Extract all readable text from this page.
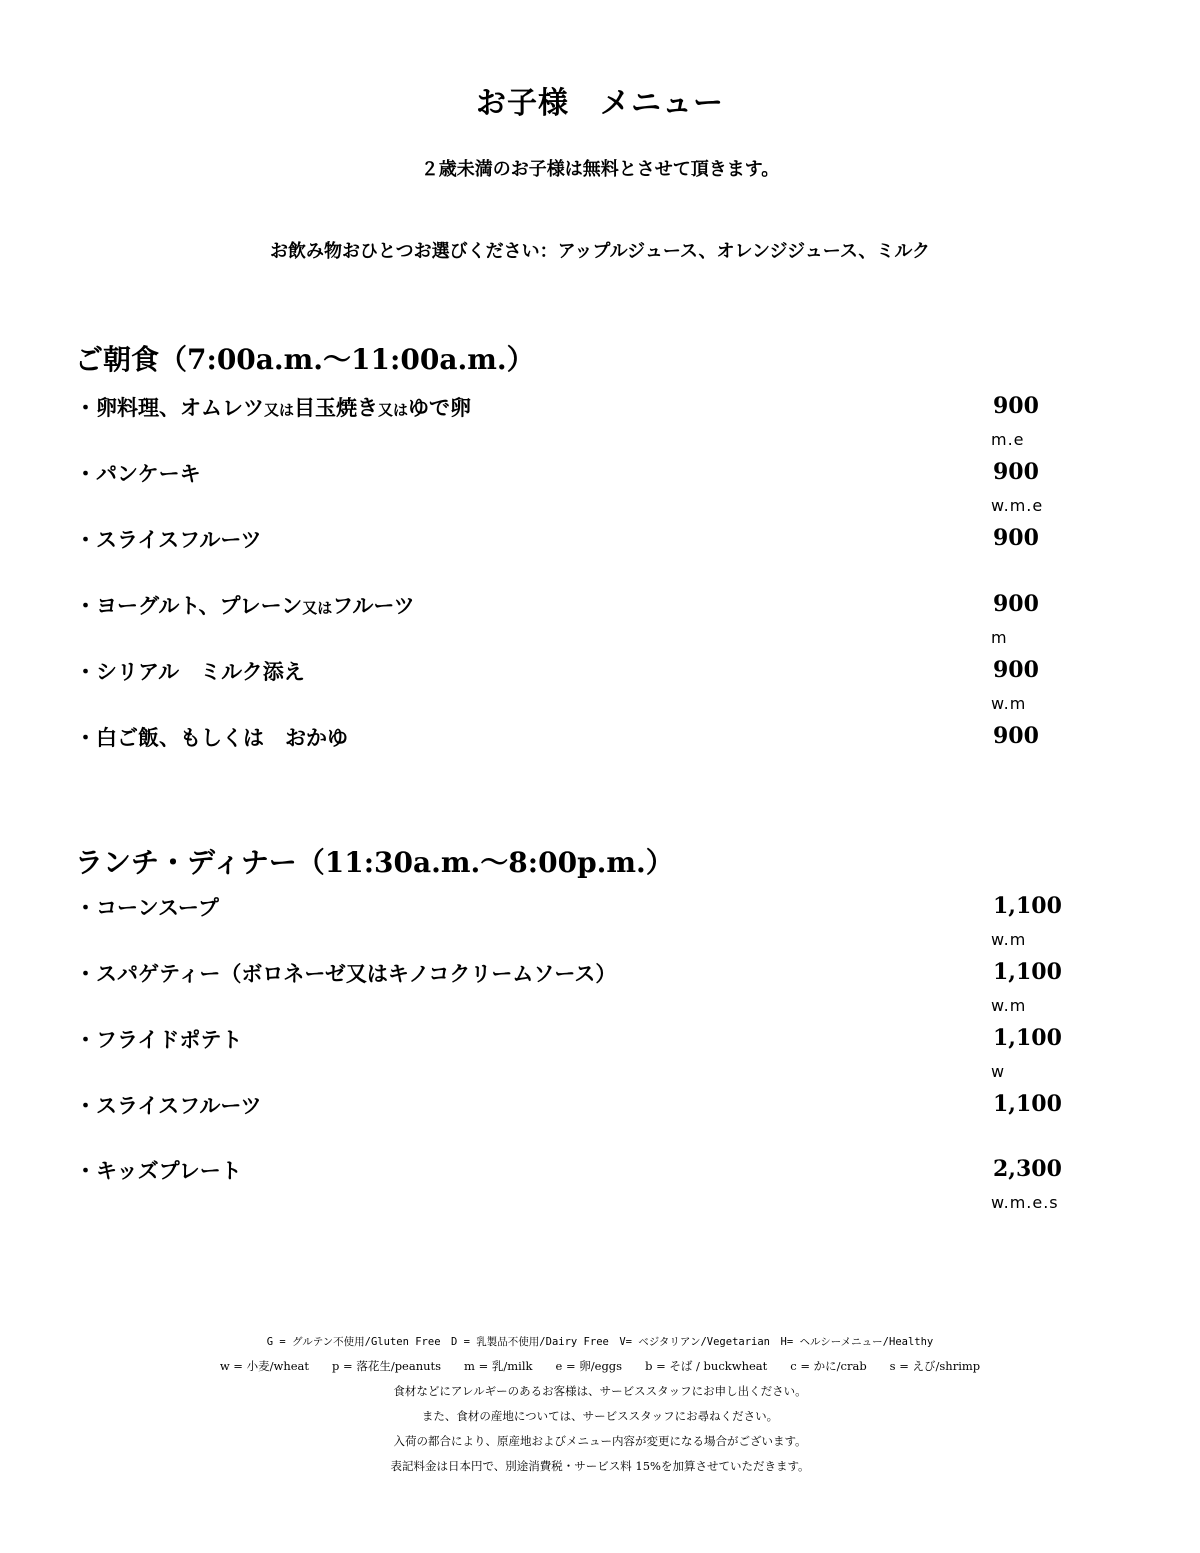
お子様　メニュー
２歳未満のお子様は無料とさせて頂きます。
お飲み物おひとつお選びください：アップルジュース、オレンジジュース、ミルク
ご朝食（7:00a.m.～11:00a.m.）
・卵料理、オムレツ又は目玉焼き又はゆで卵	900
m.e
・パンケーキ	900
w.m.e
・スライスフルーツ	900
・ヨーグルト、プレーン又はフルーツ	900
m
・シリアル　ミルク添え	900
w.m
・白ご飯、もしくは　おかゆ	900
ランチ・ディナー（11:30a.m.～8:00p.m.）
・コーンスープ	1,100
w.m
・スパゲティー（ボロネーゼ又はキノコクリームソース）	1,100
w.m
・フライドポテト	1,100
w
・スライスフルーツ	1,100
・キッズプレート	2,300
w.m.e.s
G = グルテン不使用/Gluten Free　D = 乳製品不使用/Dairy Free　V= ベジタリアン/Vegetarian　H= ヘルシーメニュー/Healthy
w = 小麦/wheat　　p = 落花生/peanuts　　m = 乳/milk　　e = 卵/eggs　　b = そば / buckwheat　　c = かに/crab　　s = えび/shrimp
食材などにアレルギーのあるお客様は、サービススタッフにお申し出ください。
また、食材の産地については、サービススタッフにお尋ねください。
入荷の都合により、原産地およびメニュー内容が変更になる場合がございます。
表記料金は日本円で、別途消費税・サービス料 15%を加算させていただきます。
